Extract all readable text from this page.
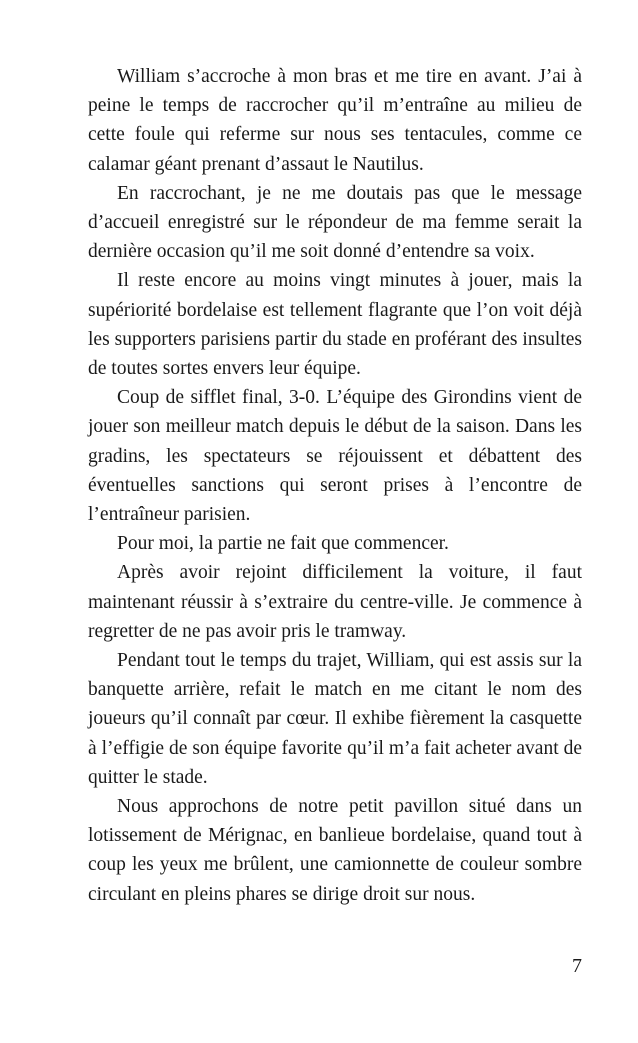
William s’accroche à mon bras et me tire en avant. J’ai à peine le temps de raccrocher qu’il m’entraîne au milieu de cette foule qui referme sur nous ses tentacules, comme ce calamar géant prenant d’assaut le Nautilus.

En raccrochant, je ne me doutais pas que le message d’accueil enregistré sur le répondeur de ma femme serait la dernière occasion qu’il me soit donné d’entendre sa voix.

Il reste encore au moins vingt minutes à jouer, mais la supériorité bordelaise est tellement flagrante que l’on voit déjà les supporters parisiens partir du stade en proférant des insultes de toutes sortes envers leur équipe.

Coup de sifflet final, 3-0. L’équipe des Girondins vient de jouer son meilleur match depuis le début de la saison. Dans les gradins, les spectateurs se réjouissent et débattent des éventuelles sanctions qui seront prises à l’encontre de l’entraîneur parisien.

Pour moi, la partie ne fait que commencer.

Après avoir rejoint difficilement la voiture, il faut maintenant réussir à s’extraire du centre-ville. Je commence à regretter de ne pas avoir pris le tramway.

Pendant tout le temps du trajet, William, qui est assis sur la banquette arrière, refait le match en me citant le nom des joueurs qu’il connaît par cœur. Il exhibe fièrement la casquette à l’effigie de son équipe favorite qu’il m’a fait acheter avant de quitter le stade.

Nous approchons de notre petit pavillon situé dans un lotissement de Mérignac, en banlieue bordelaise, quand tout à coup les yeux me brûlent, une camionnette de couleur sombre circulant en pleins phares se dirige droit sur nous.

7
